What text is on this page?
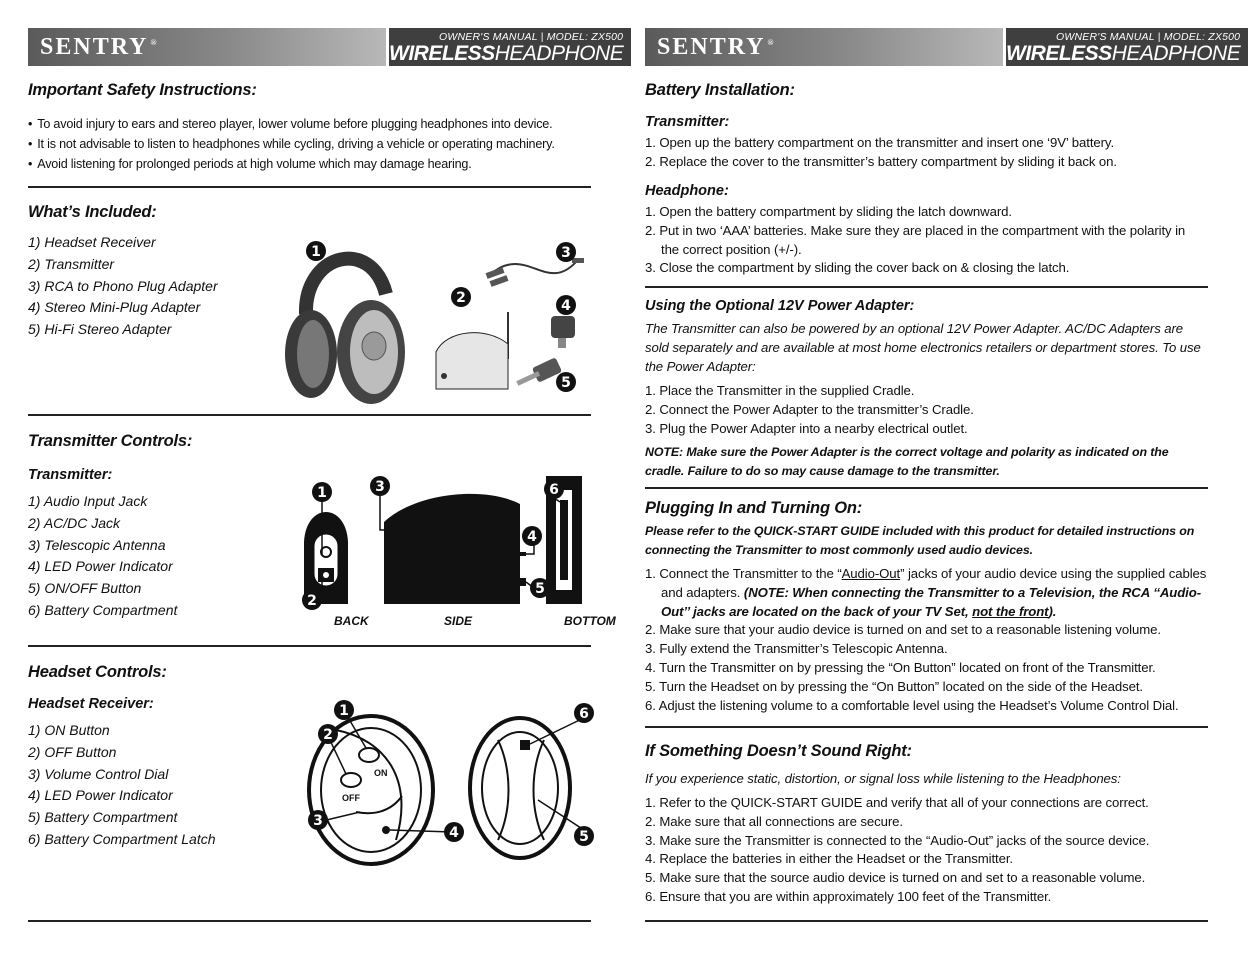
SENTRY ®	OWNER'S MANUAL | MODEL: ZX500
WIRELESSHEADPHONE
Important Safety Instructions:
• To avoid injury to ears and stereo player, lower volume before plugging headphones into device.
• It is not advisable to listen to headphones while cycling, driving a vehicle or operating machinery.
• Avoid listening for prolonged periods at high volume which may damage hearing.
What’s Included:
1) Headset Receiver
2) Transmitter
3) RCA to Phono Plug Adapter
4) Stereo Mini-Plug Adapter
5) Hi-Fi Stereo Adapter
1
2
3
4
5
Transmitter Controls:
Transmitter:
1) Audio Input Jack
2) AC/DC Jack
3) Telescopic Antenna
4) LED Power Indicator
5) ON/OFF Button
6) Battery Compartment
1
2
3
4
5
6
BACK	SIDE	BOTTOM
Headset Controls:
Headset Receiver:
1) ON Button
2) OFF Button
3) Volume Control Dial
4) LED Power Indicator
5) Battery Compartment
6) Battery Compartment Latch
ON
OFF
1
2
3
4	5
6
SENTRY ®	OWNER'S MANUAL | MODEL: ZX500
WIRELESSHEADPHONE
Battery Installation:
Transmitter:
1. Open up the battery compartment on the transmitter and insert one ‘9V’ battery.
2. Replace the cover to the transmitter’s battery compartment by sliding it back on.
Headphone:
1. Open the battery compartment by sliding the latch downward.
2. Put in two ‘AAA’ batteries. Make sure they are placed in the compartment with the polarity in the correct position (+/-).
3. Close the compartment by sliding the cover back on & closing the latch.
Using the Optional 12V Power Adapter:
The Transmitter can also be powered by an optional 12V Power Adapter. AC/DC Adapters are sold separately and are available at most home electronics retailers or department stores. To use the Power Adapter:
1. Place the Transmitter in the supplied Cradle.
2. Connect the Power Adapter to the transmitter’s Cradle.
3. Plug the Power Adapter into a nearby electrical outlet.
NOTE: Make sure the Power Adapter is the correct voltage and polarity as indicated on the cradle. Failure to do so may cause damage to the transmitter.
Plugging In and Turning On:
Please refer to the QUICK-START GUIDE included with this product for detailed instructions on connecting the Transmitter to most commonly used audio devices.
1. Connect the Transmitter to the “Audio-Out” jacks of your audio device using the supplied cables and adapters. (NOTE: When connecting the Transmitter to a Television, the RCA ‘‘Audio-Out’’ jacks are located on the back of your TV Set, not the front).
2. Make sure that your audio device is turned on and set to a reasonable listening volume.
3. Fully extend the Transmitter’s Telescopic Antenna.
4. Turn the Transmitter on by pressing the “On Button” located on front of the Transmitter.
5. Turn the Headset on by pressing the “On Button” located on the side of the Headset.
6. Adjust the listening volume to a comfortable level using the Headset’s Volume Control Dial.
If Something Doesn’t Sound Right:
If you experience static, distortion, or signal loss while listening to the Headphones:
1. Refer to the QUICK-START GUIDE and verify that all of your connections are correct.
2. Make sure that all connections are secure.
3. Make sure the Transmitter is connected to the “Audio-Out” jacks of the source device.
4. Replace the batteries in either the Headset or the Transmitter.
5. Make sure that the source audio device is turned on and set to a reasonable volume.
6. Ensure that you are within approximately 100 feet of the Transmitter.
